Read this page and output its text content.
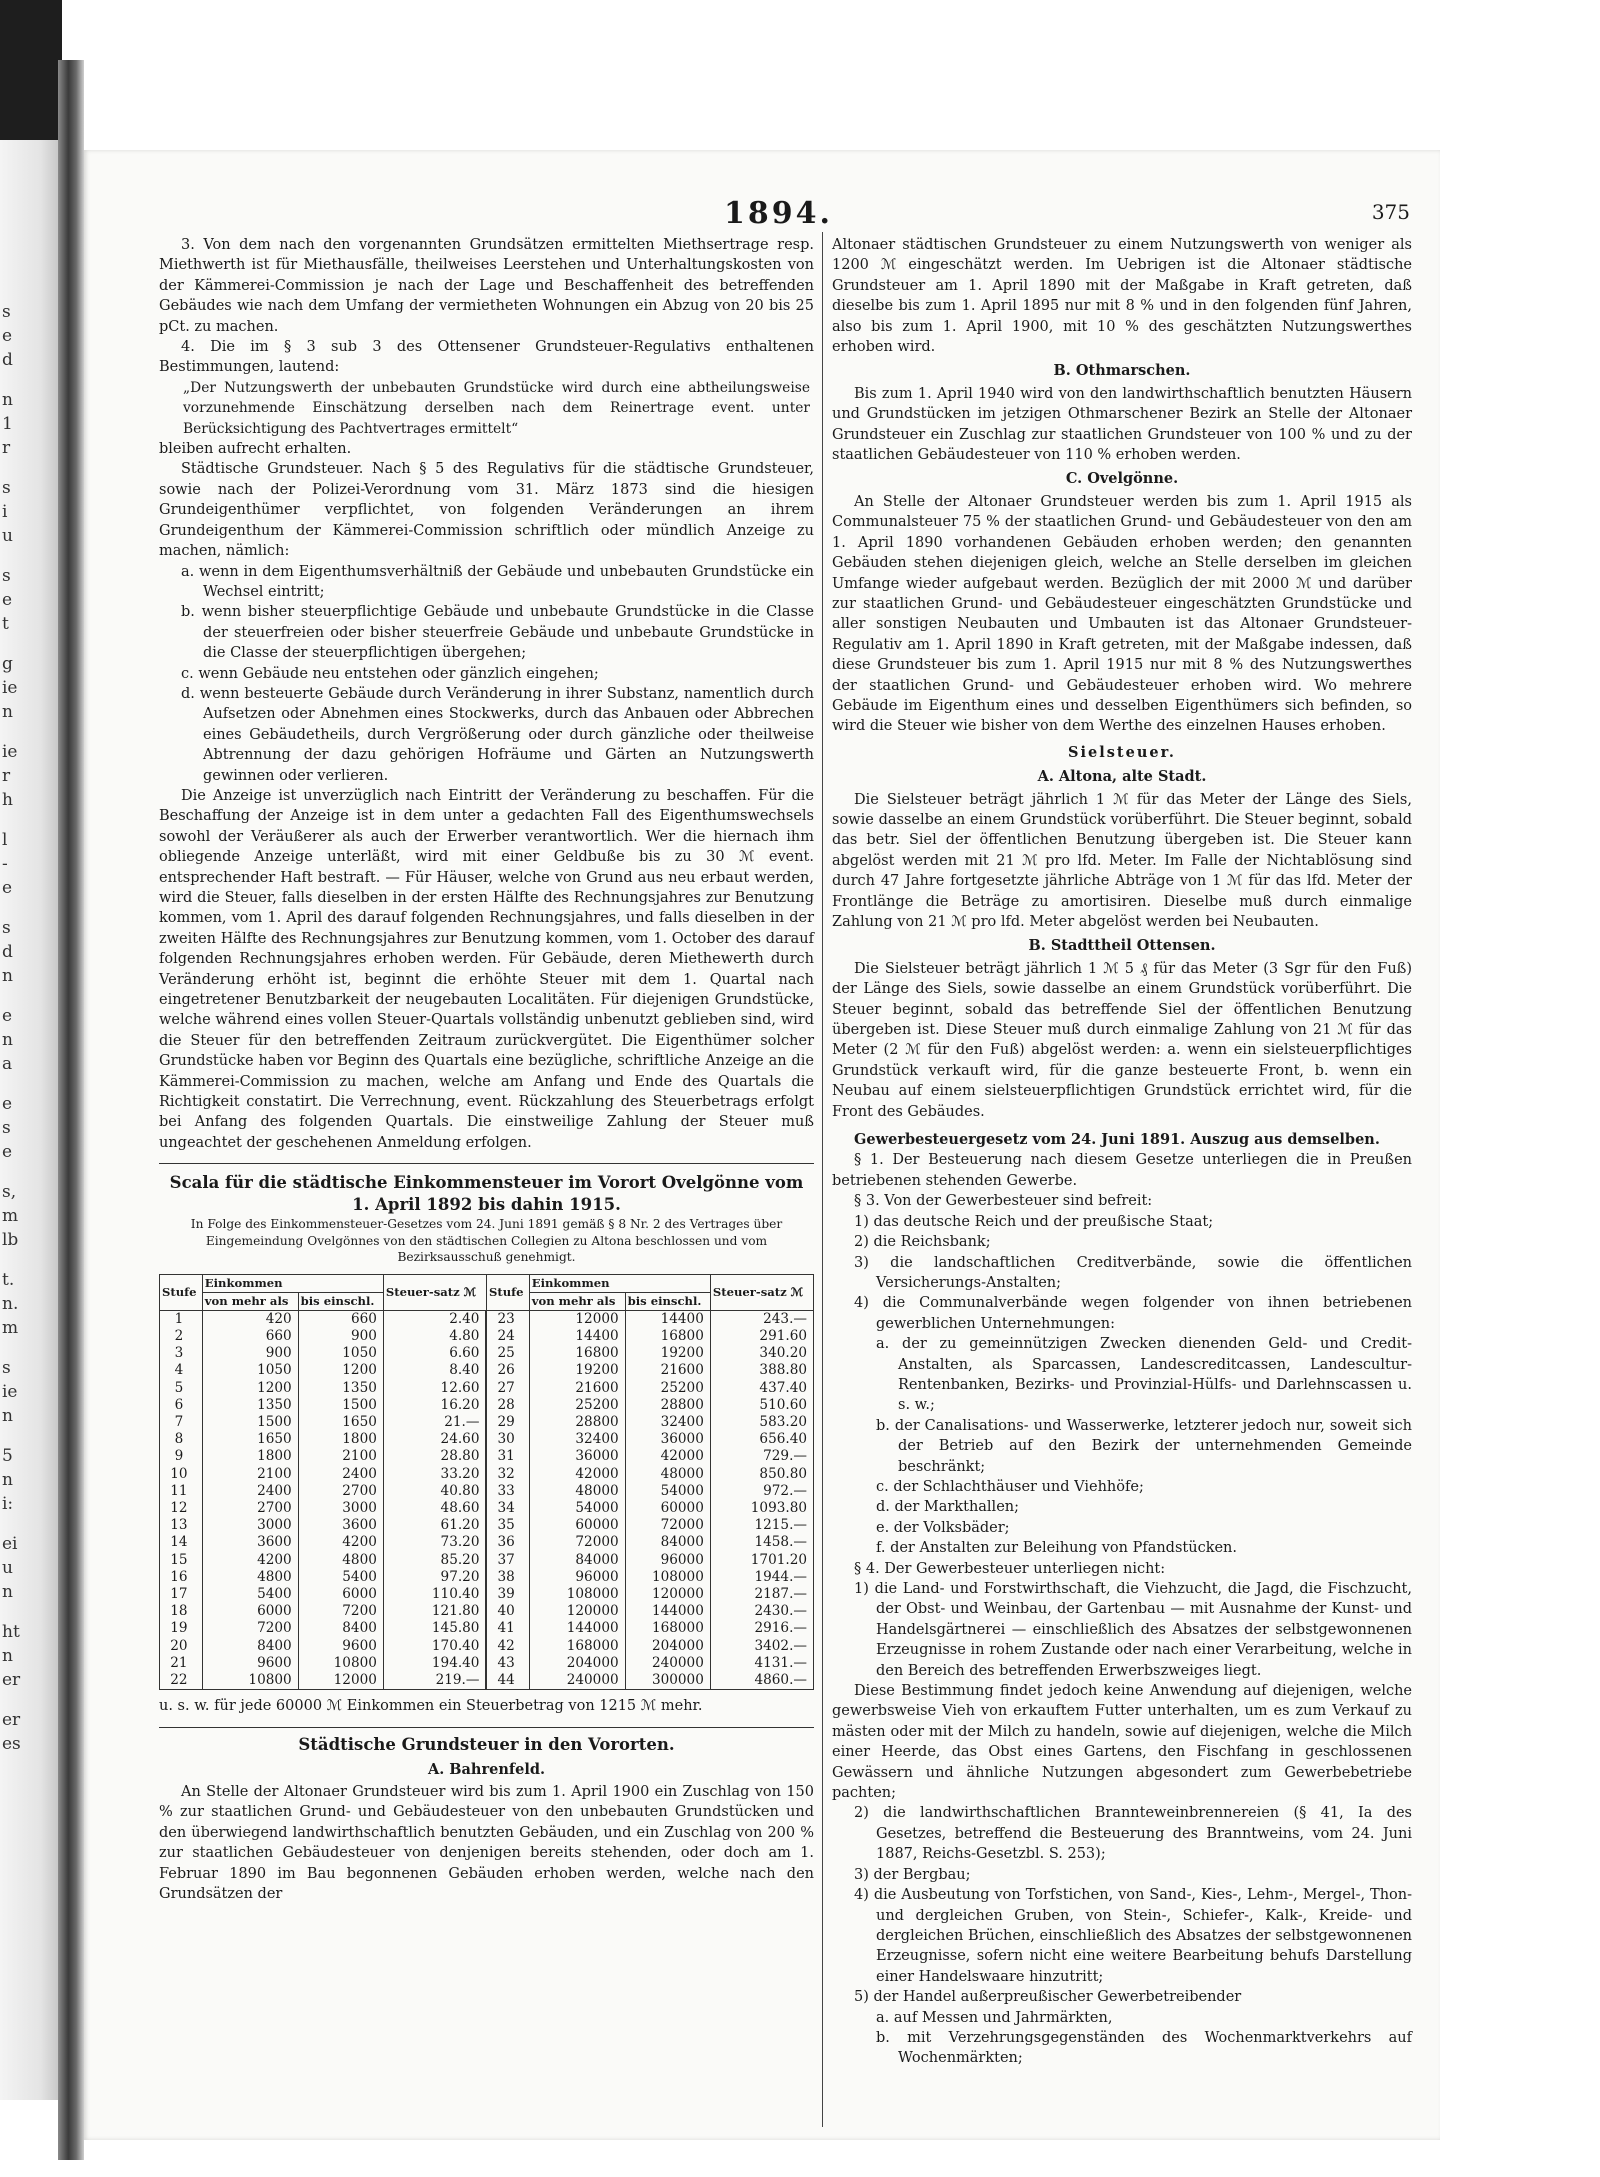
s
e
d
n
1
r
s
i
u
s
e
t
g
ie
n
ie
r
h
l
-
e
s
d
n
e
n
a
e
s
e
s,
m
lb
t.
n.
m
s
ie
n
5
n
i:
ei
u
n
ht
n
er
er
es
1894.	375

3. Von dem nach den vorgenannten Grundsätzen ermittelten Miethsertrage resp. Miethwerth ist für Miethausfälle, theilweises Leerstehen und Unterhaltungskosten von der Kämmerei-Commission je nach der Lage und Beschaffenheit des betreffenden Gebäudes wie nach dem Umfang der vermietheten Wohnungen ein Abzug von 20 bis 25 pCt. zu machen.

4. Die im § 3 sub 3 des Ottensener Grundsteuer-Regulativs enthaltenen Bestimmungen, lautend:

„Der Nutzungswerth der unbebauten Grundstücke wird durch eine abtheilungsweise vorzunehmende Einschätzung derselben nach dem Reinertrage event. unter Berücksichtigung des Pachtvertrages ermittelt“

bleiben aufrecht erhalten.

Städtische Grundsteuer. Nach § 5 des Regulativs für die städtische Grundsteuer, sowie nach der Polizei-Verordnung vom 31. März 1873 sind die hiesigen Grundeigenthümer verpflichtet, von folgenden Veränderungen an ihrem Grundeigenthum der Kämmerei-Commission schriftlich oder mündlich Anzeige zu machen, nämlich:

a. wenn in dem Eigenthumsverhältniß der Gebäude und unbebauten Grundstücke ein Wechsel eintritt;

b. wenn bisher steuerpflichtige Gebäude und unbebaute Grundstücke in die Classe der steuerfreien oder bisher steuerfreie Gebäude und unbebaute Grundstücke in die Classe der steuerpflichtigen übergehen;

c. wenn Gebäude neu entstehen oder gänzlich eingehen;

d. wenn besteuerte Gebäude durch Veränderung in ihrer Substanz, namentlich durch Aufsetzen oder Abnehmen eines Stockwerks, durch das Anbauen oder Abbrechen eines Gebäudetheils, durch Vergrößerung oder durch gänzliche oder theilweise Abtrennung der dazu gehörigen Hofräume und Gärten an Nutzungswerth gewinnen oder verlieren.

Die Anzeige ist unverzüglich nach Eintritt der Veränderung zu beschaffen. Für die Beschaffung der Anzeige ist in dem unter a gedachten Fall des Eigenthumswechsels sowohl der Veräußerer als auch der Erwerber verantwortlich. Wer die hiernach ihm obliegende Anzeige unterläßt, wird mit einer Geldbuße bis zu 30 ℳ event. entsprechender Haft bestraft. — Für Häuser, welche von Grund aus neu erbaut werden, wird die Steuer, falls dieselben in der ersten Hälfte des Rechnungsjahres zur Benutzung kommen, vom 1. April des darauf folgenden Rechnungsjahres, und falls dieselben in der zweiten Hälfte des Rechnungsjahres zur Benutzung kommen, vom 1. October des darauf folgenden Rechnungsjahres erhoben werden. Für Gebäude, deren Miethewerth durch Veränderung erhöht ist, beginnt die erhöhte Steuer mit dem 1. Quartal nach eingetretener Benutzbarkeit der neugebauten Localitäten. Für diejenigen Grundstücke, welche während eines vollen Steuer-Quartals vollständig unbenutzt geblieben sind, wird die Steuer für den betreffenden Zeitraum zurückvergütet. Die Eigenthümer solcher Grundstücke haben vor Beginn des Quartals eine bezügliche, schriftliche Anzeige an die Kämmerei-Commission zu machen, welche am Anfang und Ende des Quartals die Richtigkeit constatirt. Die Verrechnung, event. Rückzahlung des Steuerbetrags erfolgt bei Anfang des folgenden Quartals. Die einstweilige Zahlung der Steuer muß ungeachtet der geschehenen Anmeldung erfolgen.

Scala für die städtische Einkommensteuer im Vorort Ovelgönne vom 1. April 1892 bis dahin 1915.

In Folge des Einkommensteuer-Gesetzes vom 24. Juni 1891 gemäß § 8 Nr. 2 des Vertrages über Eingemeindung Ovelgönnes von den städtischen Collegien zu Altona beschlossen und vom Bezirksausschuß genehmigt.

Stufe	Einkommen		Steuer-satz ℳ	Stufe	Einkommen		Steuer-satz ℳ
	von mehr als	bis einschl.			von mehr als	bis einschl.	
1	420	660	2.40	23	12000	14400	243.—
2	660	900	4.80	24	14400	16800	291.60
3	900	1050	6.60	25	16800	19200	340.20
4	1050	1200	8.40	26	19200	21600	388.80
5	1200	1350	12.60	27	21600	25200	437.40
6	1350	1500	16.20	28	25200	28800	510.60
7	1500	1650	21.—	29	28800	32400	583.20
8	1650	1800	24.60	30	32400	36000	656.40
9	1800	2100	28.80	31	36000	42000	729.—
10	2100	2400	33.20	32	42000	48000	850.80
11	2400	2700	40.80	33	48000	54000	972.—
12	2700	3000	48.60	34	54000	60000	1093.80
13	3000	3600	61.20	35	60000	72000	1215.—
14	3600	4200	73.20	36	72000	84000	1458.—
15	4200	4800	85.20	37	84000	96000	1701.20
16	4800	5400	97.20	38	96000	108000	1944.—
17	5400	6000	110.40	39	108000	120000	2187.—
18	6000	7200	121.80	40	120000	144000	2430.—
19	7200	8400	145.80	41	144000	168000	2916.—
20	8400	9600	170.40	42	168000	204000	3402.—
21	9600	10800	194.40	43	204000	240000	4131.—
22	10800	12000	219.—	44	240000	300000	4860.—

u. s. w. für jede 60000 ℳ Einkommen ein Steuerbetrag von 1215 ℳ mehr.

Städtische Grundsteuer in den Vororten.

A. Bahrenfeld.

An Stelle der Altonaer Grundsteuer wird bis zum 1. April 1900 ein Zuschlag von 150 % zur staatlichen Grund- und Gebäudesteuer von den unbebauten Grundstücken und den überwiegend landwirthschaftlich benutzten Gebäuden, und ein Zuschlag von 200 % zur staatlichen Gebäudesteuer von denjenigen bereits stehenden, oder doch am 1. Februar 1890 im Bau begonnenen Gebäuden erhoben werden, welche nach den Grundsätzen der

Altonaer städtischen Grundsteuer zu einem Nutzungswerth von weniger als 1200 ℳ eingeschätzt werden. Im Uebrigen ist die Altonaer städtische Grundsteuer am 1. April 1890 mit der Maßgabe in Kraft getreten, daß dieselbe bis zum 1. April 1895 nur mit 8 % und in den folgenden fünf Jahren, also bis zum 1. April 1900, mit 10 % des geschätzten Nutzungswerthes erhoben wird.

B. Othmarschen.

Bis zum 1. April 1940 wird von den landwirthschaftlich benutzten Häusern und Grundstücken im jetzigen Othmarschener Bezirk an Stelle der Altonaer Grundsteuer ein Zuschlag zur staatlichen Grundsteuer von 100 % und zu der staatlichen Gebäudesteuer von 110 % erhoben werden.

C. Ovelgönne.

An Stelle der Altonaer Grundsteuer werden bis zum 1. April 1915 als Communalsteuer 75 % der staatlichen Grund- und Gebäudesteuer von den am 1. April 1890 vorhandenen Gebäuden erhoben werden; den genannten Gebäuden stehen diejenigen gleich, welche an Stelle derselben im gleichen Umfange wieder aufgebaut werden. Bezüglich der mit 2000 ℳ und darüber zur staatlichen Grund- und Gebäudesteuer eingeschätzten Grundstücke und aller sonstigen Neubauten und Umbauten ist das Altonaer Grundsteuer-Regulativ am 1. April 1890 in Kraft getreten, mit der Maßgabe indessen, daß diese Grundsteuer bis zum 1. April 1915 nur mit 8 % des Nutzungswerthes der staatlichen Grund- und Gebäudesteuer erhoben wird. Wo mehrere Gebäude im Eigenthum eines und desselben Eigenthümers sich befinden, so wird die Steuer wie bisher von dem Werthe des einzelnen Hauses erhoben.

Sielsteuer.

A. Altona, alte Stadt.

Die Sielsteuer beträgt jährlich 1 ℳ für das Meter der Länge des Siels, sowie dasselbe an einem Grundstück vorüberführt. Die Steuer beginnt, sobald das betr. Siel der öffentlichen Benutzung übergeben ist. Die Steuer kann abgelöst werden mit 21 ℳ pro lfd. Meter. Im Falle der Nichtablösung sind durch 47 Jahre fortgesetzte jährliche Abträge von 1 ℳ für das lfd. Meter der Frontlänge die Beträge zu amortisiren. Dieselbe muß durch einmalige Zahlung von 21 ℳ pro lfd. Meter abgelöst werden bei Neubauten.

B. Stadttheil Ottensen.

Die Sielsteuer beträgt jährlich 1 ℳ 5 ₰ für das Meter (3 Sgr für den Fuß) der Länge des Siels, sowie dasselbe an einem Grundstück vorüberführt. Die Steuer beginnt, sobald das betreffende Siel der öffentlichen Benutzung übergeben ist. Diese Steuer muß durch einmalige Zahlung von 21 ℳ für das Meter (2 ℳ für den Fuß) abgelöst werden: a. wenn ein sielsteuerpflichtiges Grundstück verkauft wird, für die ganze besteuerte Front, b. wenn ein Neubau auf einem sielsteuerpflichtigen Grundstück errichtet wird, für die Front des Gebäudes.

Gewerbesteuergesetz vom 24. Juni 1891. Auszug aus demselben.

§ 1. Der Besteuerung nach diesem Gesetze unterliegen die in Preußen betriebenen stehenden Gewerbe.

§ 3. Von der Gewerbesteuer sind befreit:

1) das deutsche Reich und der preußische Staat;

2) die Reichsbank;

3) die landschaftlichen Creditverbände, sowie die öffentlichen Versicherungs-Anstalten;

4) die Communalverbände wegen folgender von ihnen betriebenen gewerblichen Unternehmungen:

a. der zu gemeinnützigen Zwecken dienenden Geld- und Credit-Anstalten, als Sparcassen, Landescreditcassen, Landescultur-Rentenbanken, Bezirks- und Provinzial-Hülfs- und Darlehnscassen u. s. w.;

b. der Canalisations- und Wasserwerke, letzterer jedoch nur, soweit sich der Betrieb auf den Bezirk der unternehmenden Gemeinde beschränkt;

c. der Schlachthäuser und Viehhöfe;

d. der Markthallen;

e. der Volksbäder;

f. der Anstalten zur Beleihung von Pfandstücken.

§ 4. Der Gewerbesteuer unterliegen nicht:

1) die Land- und Forstwirthschaft, die Viehzucht, die Jagd, die Fischzucht, der Obst- und Weinbau, der Gartenbau — mit Ausnahme der Kunst- und Handelsgärtnerei — einschließlich des Absatzes der selbstgewonnenen Erzeugnisse in rohem Zustande oder nach einer Verarbeitung, welche in den Bereich des betreffenden Erwerbszweiges liegt.

Diese Bestimmung findet jedoch keine Anwendung auf diejenigen, welche gewerbsweise Vieh von erkauftem Futter unterhalten, um es zum Verkauf zu mästen oder mit der Milch zu handeln, sowie auf diejenigen, welche die Milch einer Heerde, das Obst eines Gartens, den Fischfang in geschlossenen Gewässern und ähnliche Nutzungen abgesondert zum Gewerbebetriebe pachten;

2) die landwirthschaftlichen Brannteweinbrennereien (§ 41, Ia des Gesetzes, betreffend die Besteuerung des Branntweins, vom 24. Juni 1887, Reichs-Gesetzbl. S. 253);

3) der Bergbau;

4) die Ausbeutung von Torfstichen, von Sand-, Kies-, Lehm-, Mergel-, Thon- und dergleichen Gruben, von Stein-, Schiefer-, Kalk-, Kreide- und dergleichen Brüchen, einschließlich des Absatzes der selbstgewonnenen Erzeugnisse, sofern nicht eine weitere Bearbeitung behufs Darstellung einer Handelswaare hinzutritt;

5) der Handel außerpreußischer Gewerbetreibender

a. auf Messen und Jahrmärkten,

b. mit Verzehrungsgegenständen des Wochenmarktverkehrs auf Wochenmärkten;
